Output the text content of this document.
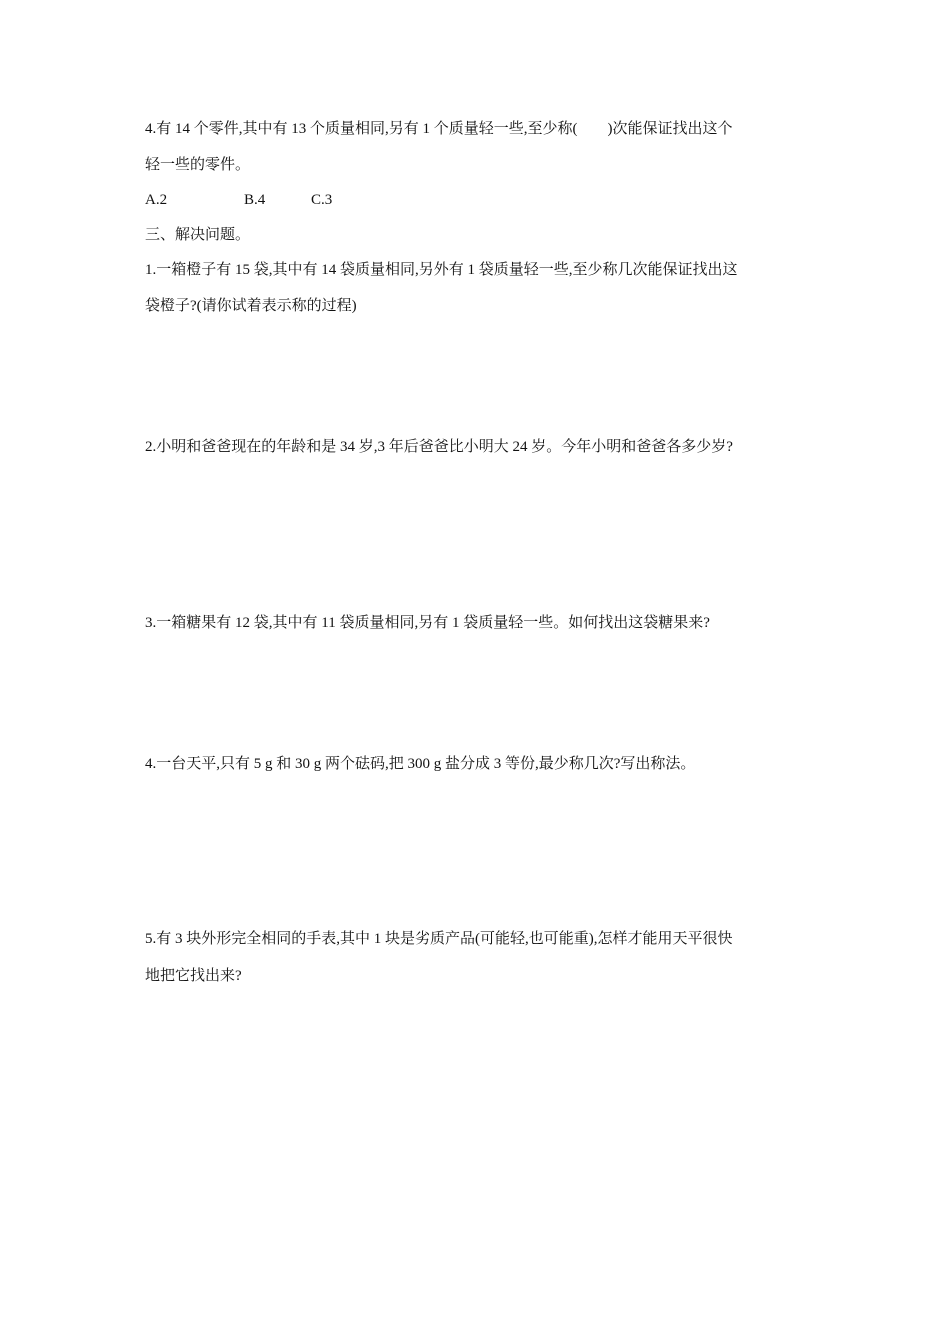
4.有 14 个零件,其中有 13 个质量相同,另有 1 个质量轻一些,至少称(　　)次能保证找出这个
轻一些的零件。
A.2	B.4	C.3
三、解决问题。
1.一箱橙子有 15 袋,其中有 14 袋质量相同,另外有 1 袋质量轻一些,至少称几次能保证找出这
袋橙子?(请你试着表示称的过程)
2.小明和爸爸现在的年龄和是 34 岁,3 年后爸爸比小明大 24 岁。今年小明和爸爸各多少岁?
3.一箱糖果有 12 袋,其中有 11 袋质量相同,另有 1 袋质量轻一些。如何找出这袋糖果来?
4.一台天平,只有 5 g 和 30 g 两个砝码,把 300 g 盐分成 3 等份,最少称几次?写出称法。
5.有 3 块外形完全相同的手表,其中 1 块是劣质产品(可能轻,也可能重),怎样才能用天平很快
地把它找出来?
